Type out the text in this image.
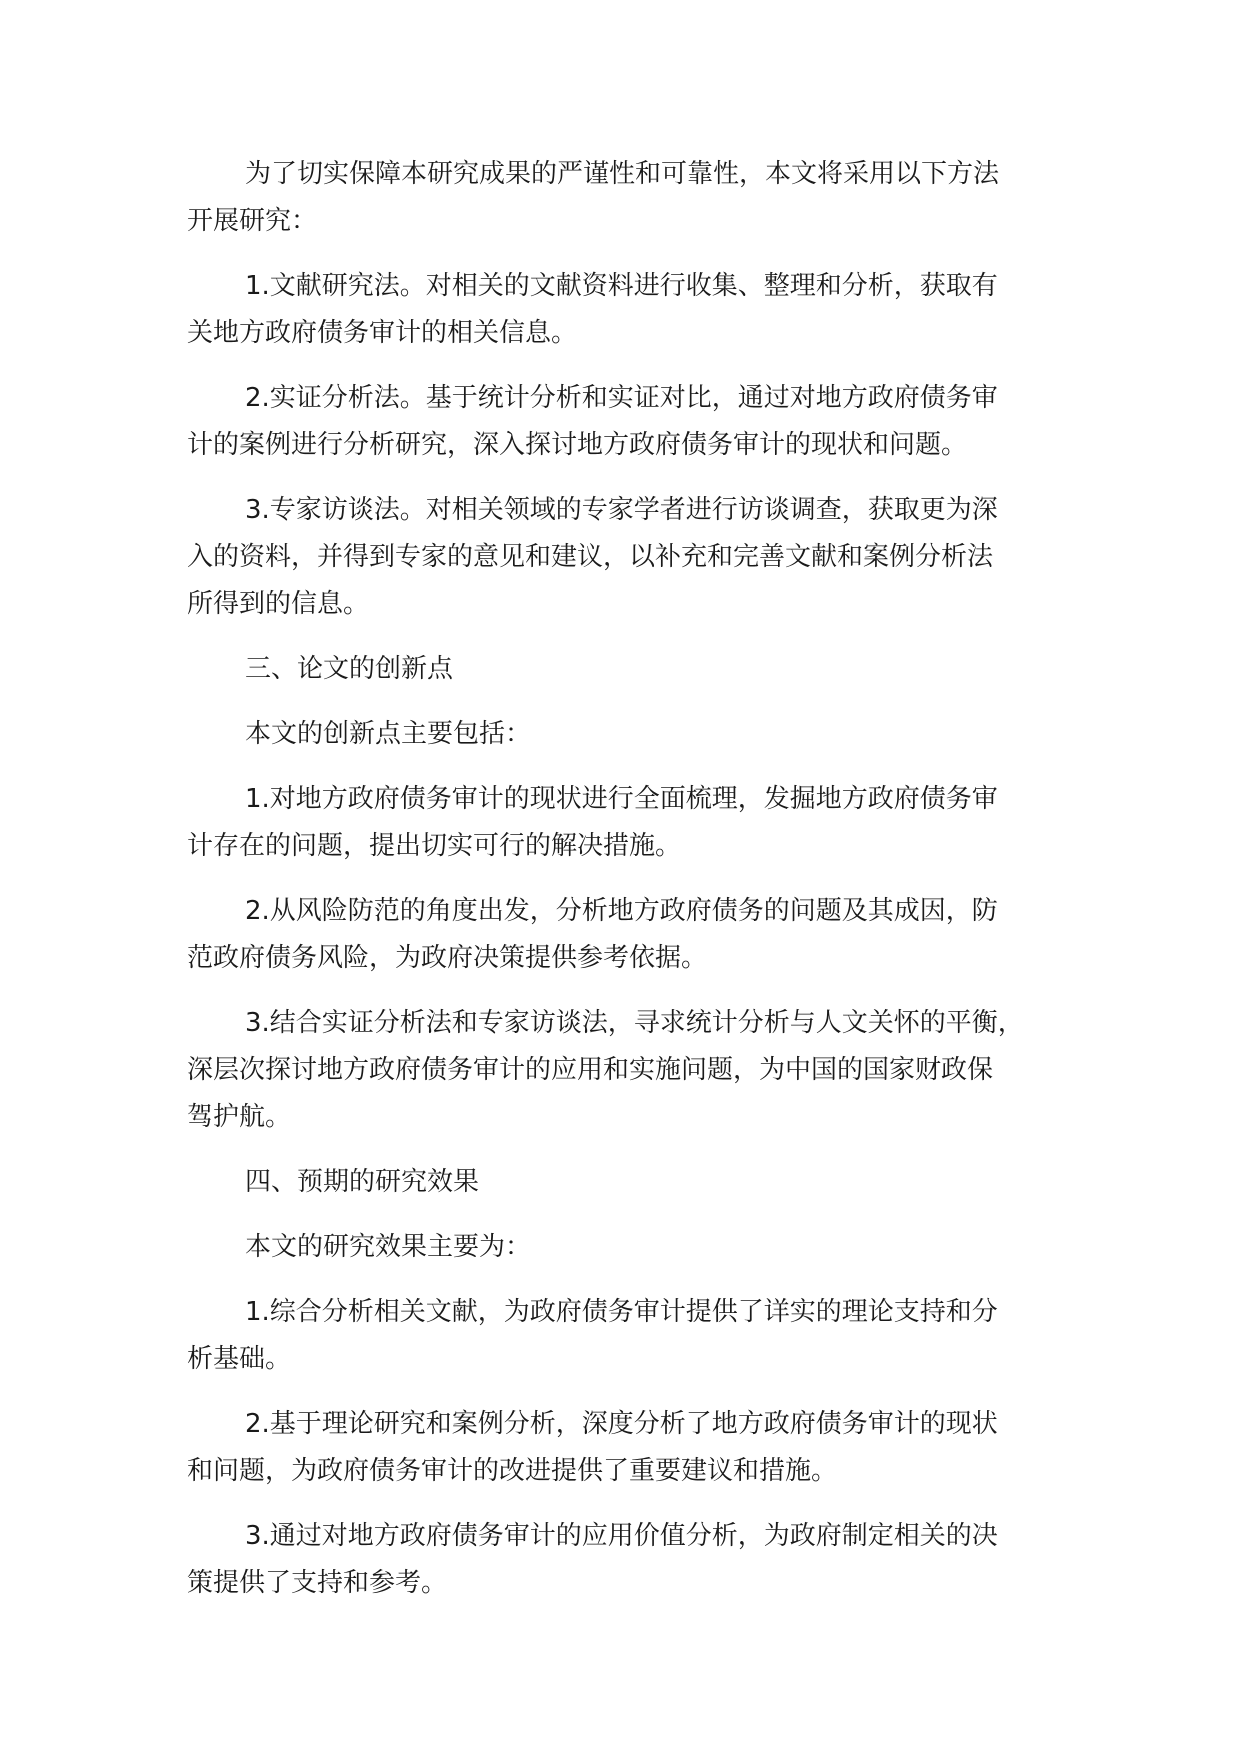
为了切实保障本研究成果的严谨性和可靠性，本文将采用以下方法
开展研究：

1.文献研究法。对相关的文献资料进行收集、整理和分析，获取有
关地方政府债务审计的相关信息。

2.实证分析法。基于统计分析和实证对比，通过对地方政府债务审
计的案例进行分析研究，深入探讨地方政府债务审计的现状和问题。

3.专家访谈法。对相关领域的专家学者进行访谈调查，获取更为深
入的资料，并得到专家的意见和建议，以补充和完善文献和案例分析法
所得到的信息。

三、论文的创新点

本文的创新点主要包括：

1.对地方政府债务审计的现状进行全面梳理，发掘地方政府债务审
计存在的问题，提出切实可行的解决措施。

2.从风险防范的角度出发，分析地方政府债务的问题及其成因，防
范政府债务风险，为政府决策提供参考依据。

3.结合实证分析法和专家访谈法，寻求统计分析与人文关怀的平衡，
深层次探讨地方政府债务审计的应用和实施问题，为中国的国家财政保
驾护航。

四、预期的研究效果

本文的研究效果主要为：

1.综合分析相关文献，为政府债务审计提供了详实的理论支持和分
析基础。

2.基于理论研究和案例分析，深度分析了地方政府债务审计的现状
和问题，为政府债务审计的改进提供了重要建议和措施。

3.通过对地方政府债务审计的应用价值分析，为政府制定相关的决
策提供了支持和参考。
